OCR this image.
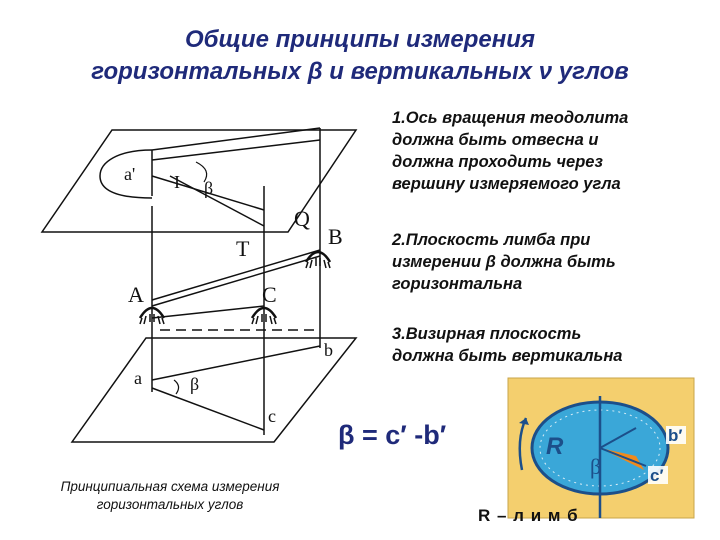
Общие принципы измерения
горизонтальных β и вертикальных ν углов
a' I β
Q
B
T
A	C
b
a	β
c
R
β
b′
c′
1.Ось вращения теодолита
должна быть отвесна и
должна проходить через
вершину измеряемого угла
2.Плоскость лимба при
измерении β должна быть
горизонтальна
3.Визирная плоскость
должна быть вертикальна
β = c′ -b′
Принципиальная схема измерения
горизонтальных углов
R – л и м б
